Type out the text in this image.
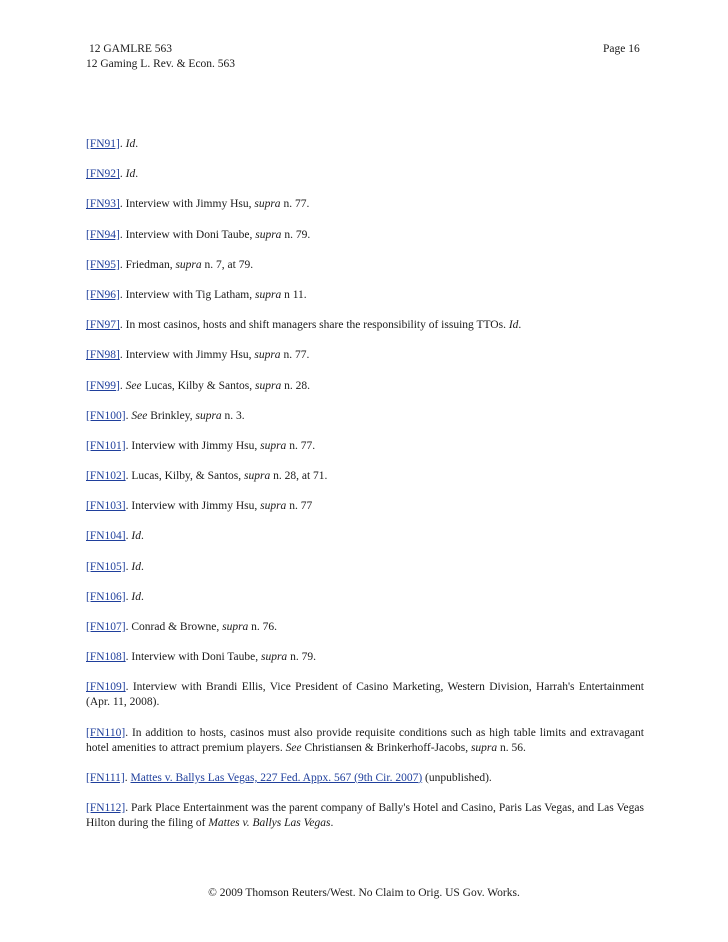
12 GAMLRE 563
12 Gaming L. Rev. & Econ. 563
Page 16

[FN91]. Id.

[FN92]. Id.

[FN93]. Interview with Jimmy Hsu, supra n. 77.

[FN94]. Interview with Doni Taube, supra n. 79.

[FN95]. Friedman, supra n. 7, at 79.

[FN96]. Interview with Tig Latham, supra n 11.

[FN97]. In most casinos, hosts and shift managers share the responsibility of issuing TTOs. Id.

[FN98]. Interview with Jimmy Hsu, supra n. 77.

[FN99]. See Lucas, Kilby & Santos, supra n. 28.

[FN100]. See Brinkley, supra n. 3.

[FN101]. Interview with Jimmy Hsu, supra n. 77.

[FN102]. Lucas, Kilby, & Santos, supra n. 28, at 71.

[FN103]. Interview with Jimmy Hsu, supra n. 77

[FN104]. Id.

[FN105]. Id.

[FN106]. Id.

[FN107]. Conrad & Browne, supra n. 76.

[FN108]. Interview with Doni Taube, supra n. 79.

[FN109]. Interview with Brandi Ellis, Vice President of Casino Marketing, Western Division, Harrah's Entertainment (Apr. 11, 2008).

[FN110]. In addition to hosts, casinos must also provide requisite conditions such as high table limits and extravagant hotel amenities to attract premium players. See Christiansen & Brinkerhoff-Jacobs, supra n. 56.

[FN111]. Mattes v. Ballys Las Vegas, 227 Fed. Appx. 567 (9th Cir. 2007) (unpublished).

[FN112]. Park Place Entertainment was the parent company of Bally's Hotel and Casino, Paris Las Vegas, and Las Vegas Hilton during the filing of Mattes v. Ballys Las Vegas.

© 2009 Thomson Reuters/West. No Claim to Orig. US Gov. Works.
